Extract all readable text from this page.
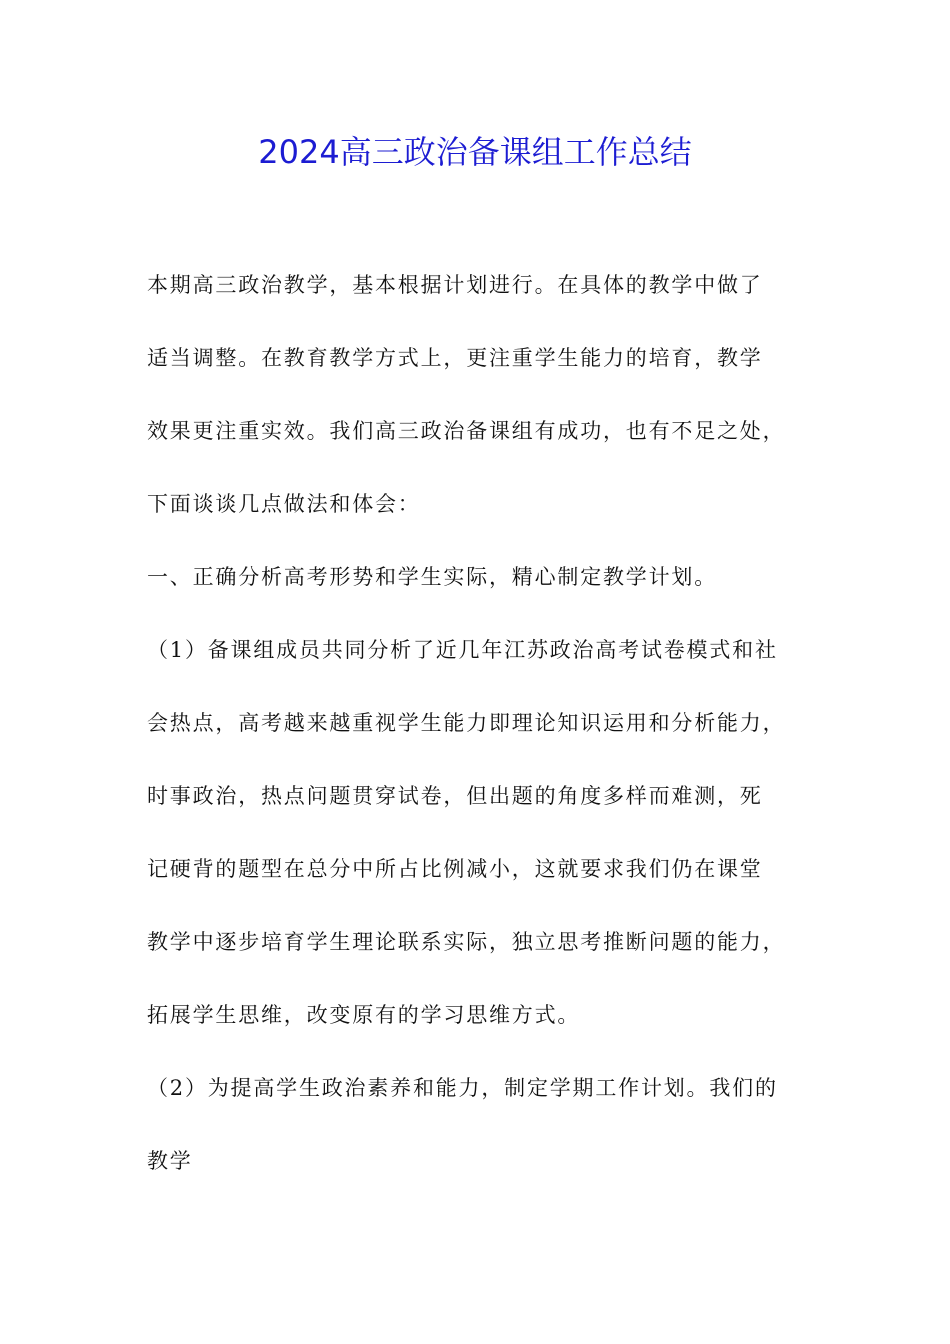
2024高三政治备课组工作总结
本期高三政治教学，基本根据计划进行。在具体的教学中做了
适当调整。在教育教学方式上，更注重学生能力的培育，教学
效果更注重实效。我们高三政治备课组有成功，也有不足之处，
下面谈谈几点做法和体会：
一、正确分析高考形势和学生实际，精心制定教学计划。
（1）备课组成员共同分析了近几年江苏政治高考试卷模式和社
会热点，高考越来越重视学生能力即理论知识运用和分析能力，
时事政治，热点问题贯穿试卷，但出题的角度多样而难测，死
记硬背的题型在总分中所占比例减小，这就要求我们仍在课堂
教学中逐步培育学生理论联系实际，独立思考推断问题的能力，
拓展学生思维，改变原有的学习思维方式。
（2）为提高学生政治素养和能力，制定学期工作计划。我们的
教学
